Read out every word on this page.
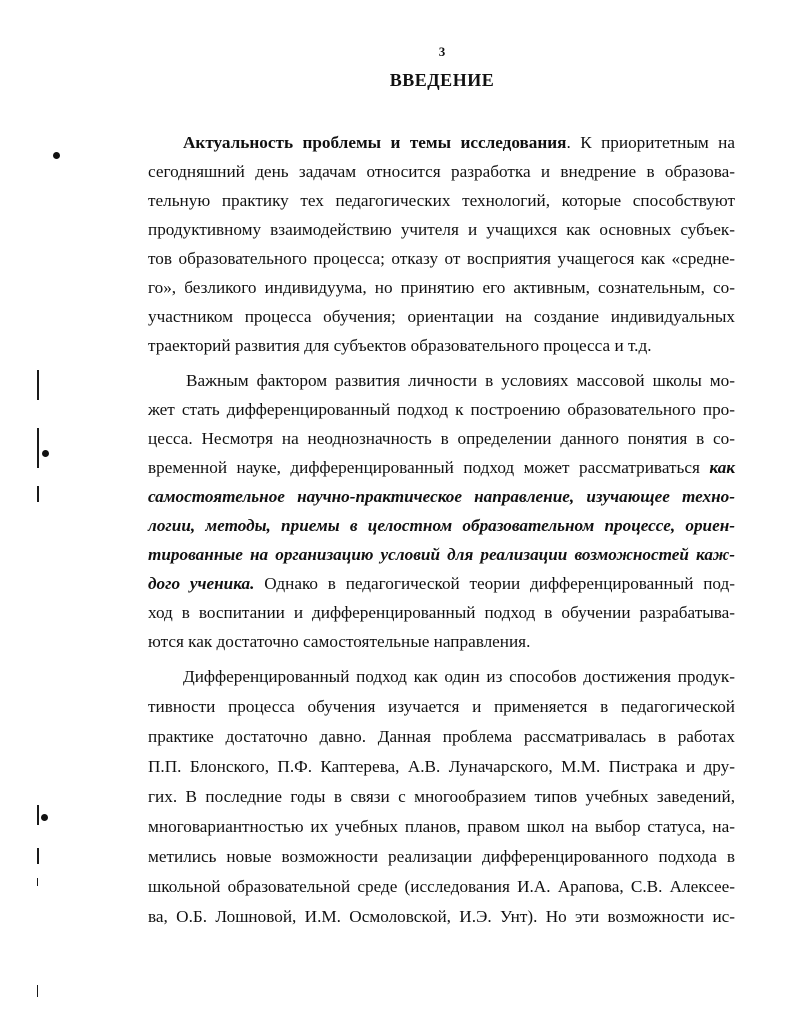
3
ВВЕДЕНИЕ
Актуальность проблемы и темы исследования. К приоритетным на
сегодняшний день задачам относится разработка и внедрение в образова-
тельную практику тех педагогических технологий, которые способствуют
продуктивному взаимодействию учителя и учащихся как основных субъек-
тов образовательного процесса; отказу от восприятия учащегося как «средне-
го», безликого индивидуума, но принятию его активным, сознательным, со-
участником процесса обучения; ориентации на создание индивидуальных
траекторий развития для субъектов образовательного процесса и т.д.
Важным фактором развития личности в условиях массовой школы мо-
жет стать дифференцированный подход к построению образовательного про-
цесса. Несмотря на неоднозначность в определении данного понятия в со-
временной науке, дифференцированный подход может рассматриваться как
самостоятельное научно-практическое направление, изучающее техно-
логии, методы, приемы в целостном образовательном процессе, ориен-
тированные на организацию условий для реализации возможностей каж-
дого ученика. Однако в педагогической теории дифференцированный под-
ход в воспитании и дифференцированный подход в обучении разрабатыва-
ются как достаточно самостоятельные направления.
Дифференцированный подход как один из способов достижения продук-
тивности процесса обучения изучается и применяется в педагогической
практике достаточно давно. Данная проблема рассматривалась в работах
П.П. Блонского, П.Ф. Каптерева, А.В. Луначарского, М.М. Пистрака и дру-
гих. В последние годы в связи с многообразием типов учебных заведений,
многовариантностью их учебных планов, правом школ на выбор статуса, на-
метились новые возможности реализации дифференцированного подхода в
школьной образовательной среде (исследования И.А. Арапова, С.В. Алексее-
ва, О.Б. Лошновой, И.М. Осмоловской, И.Э. Унт). Но эти возможности ис-
